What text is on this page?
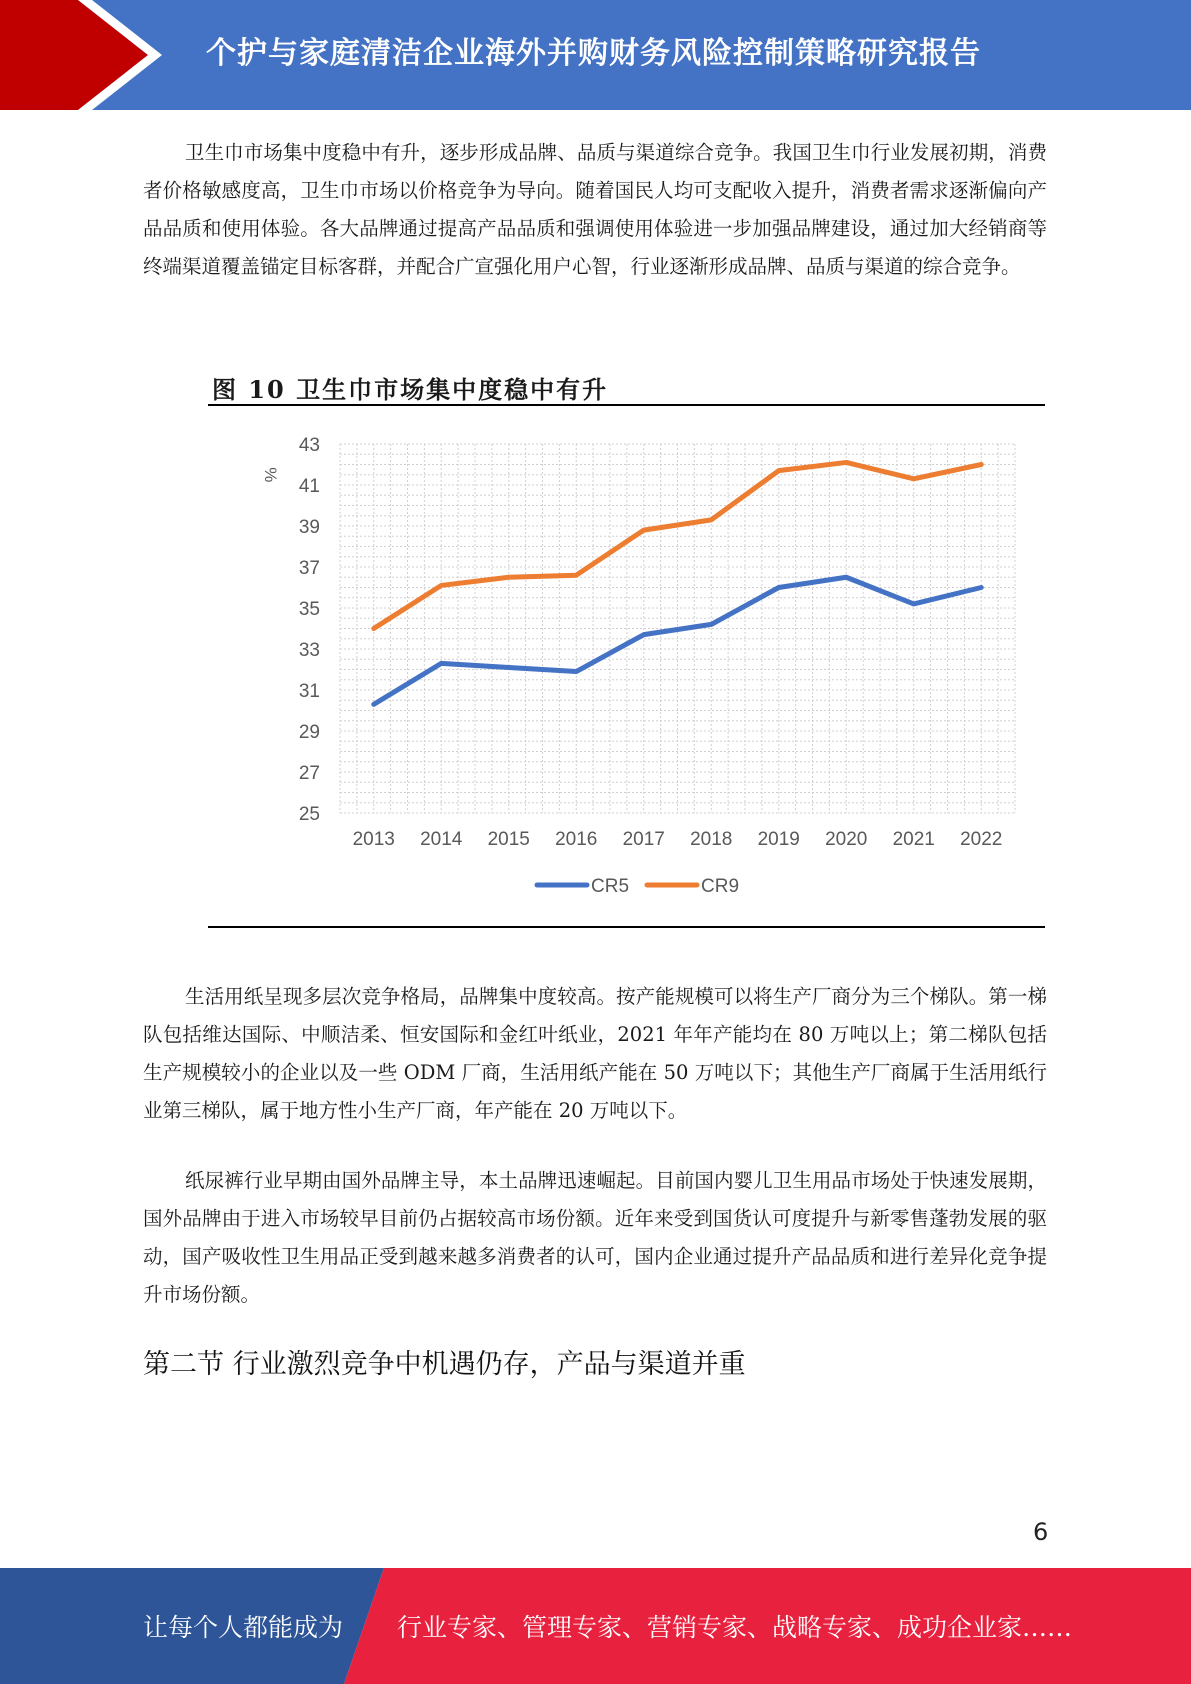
个护与家庭清洁企业海外并购财务风险控制策略研究报告

卫生巾市场集中度稳中有升，逐步形成品牌、品质与渠道综合竞争。我国卫生巾行业发展初期，消费者价格敏感度高，卫生巾市场以价格竞争为导向。随着国民人均可支配收入提升，消费者需求逐渐偏向产品品质和使用体验。各大品牌通过提高产品品质和强调使用体验进一步加强品牌建设，通过加大经销商等终端渠道覆盖锚定目标客群，并配合广宣强化用户心智，行业逐渐形成品牌、品质与渠道的综合竞争。

图 10 卫生巾市场集中度稳中有升
25
27
29
31
33
35
37
39
41
43
%
2013 2014 2015 2016 2017 2018 2019 2020 2021 2022
CR5	CR9

生活用纸呈现多层次竞争格局，品牌集中度较高。按产能规模可以将生产厂商分为三个梯队。第一梯队包括维达国际、中顺洁柔、恒安国际和金红叶纸业，2021 年年产能均在 80 万吨以上；第二梯队包括生产规模较小的企业以及一些 ODM 厂商，生活用纸产能在 50 万吨以下；其他生产厂商属于生活用纸行业第三梯队，属于地方性小生产厂商，年产能在 20 万吨以下。

纸尿裤行业早期由国外品牌主导，本土品牌迅速崛起。目前国内婴儿卫生用品市场处于快速发展期，国外品牌由于进入市场较早目前仍占据较高市场份额。近年来受到国货认可度提升与新零售蓬勃发展的驱动，国产吸收性卫生用品正受到越来越多消费者的认可，国内企业通过提升产品品质和进行差异化竞争提升市场份额。

第二节 行业激烈竞争中机遇仍存，产品与渠道并重
6
让每个人都能成为 行业专家、管理专家、营销专家、战略专家、成功企业家……
